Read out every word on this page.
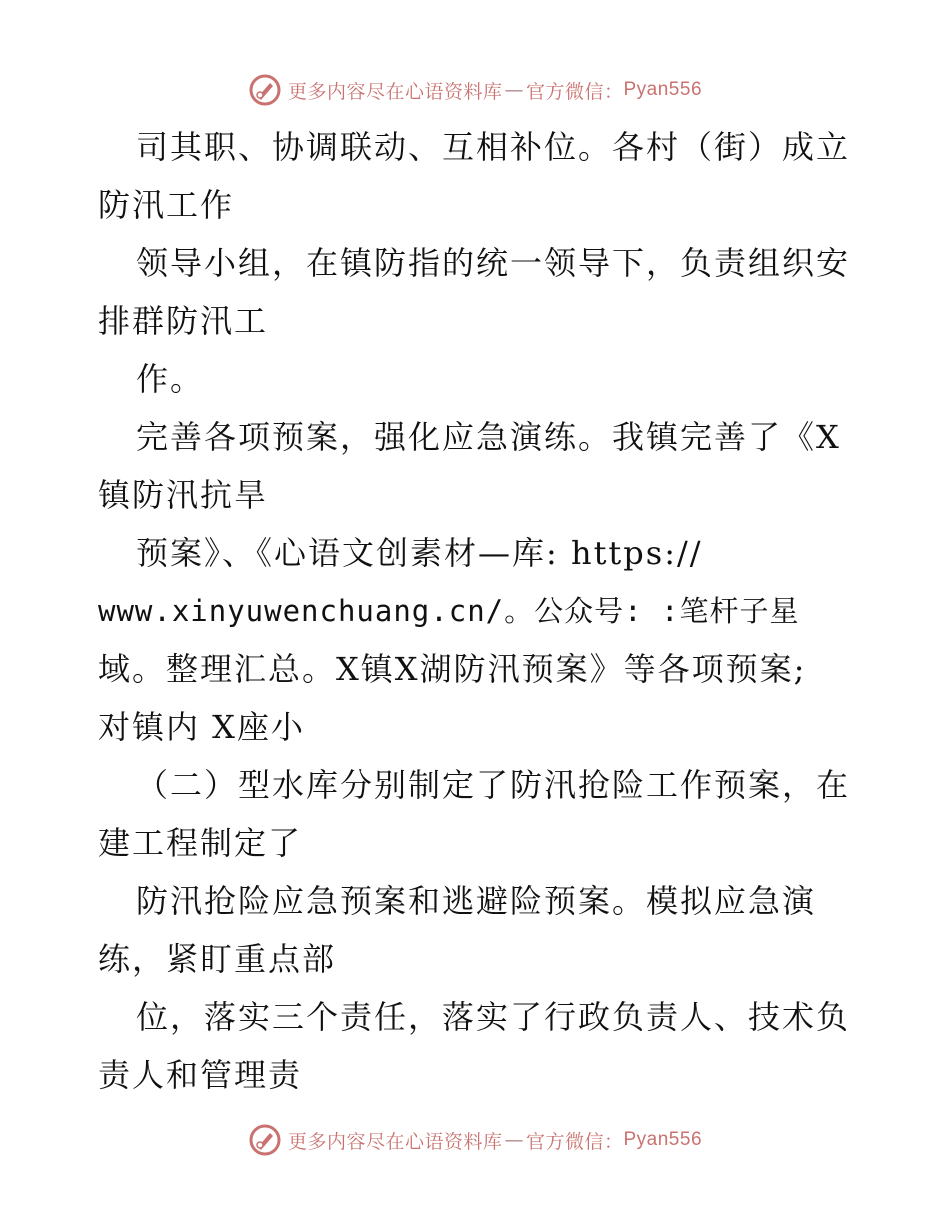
更多内容尽在心语资料库 — 官方微信： Pyan556
司其职、协调联动、互相补位。各村（街）成立
防汛工作
领导小组，在镇防指的统一领导下，负责组织安
排群防汛工
作。
完善各项预案，强化应急演练。我镇完善了《X
镇防汛抗旱
预案》、《心语文创素材—库: https://
www.xinyuwenchuang.cn/。公众号: :笔杆子星
域。整理汇总。X镇X湖防汛预案》等各项预案;
对镇内 X座小
（二）型水库分别制定了防汛抢险工作预案，在
建工程制定了
防汛抢险应急预案和逃避险预案。模拟应急演
练，紧盯重点部
位，落实三个责任，落实了行政负责人、技术负
责人和管理责
更多内容尽在心语资料库 — 官方微信： Pyan556
